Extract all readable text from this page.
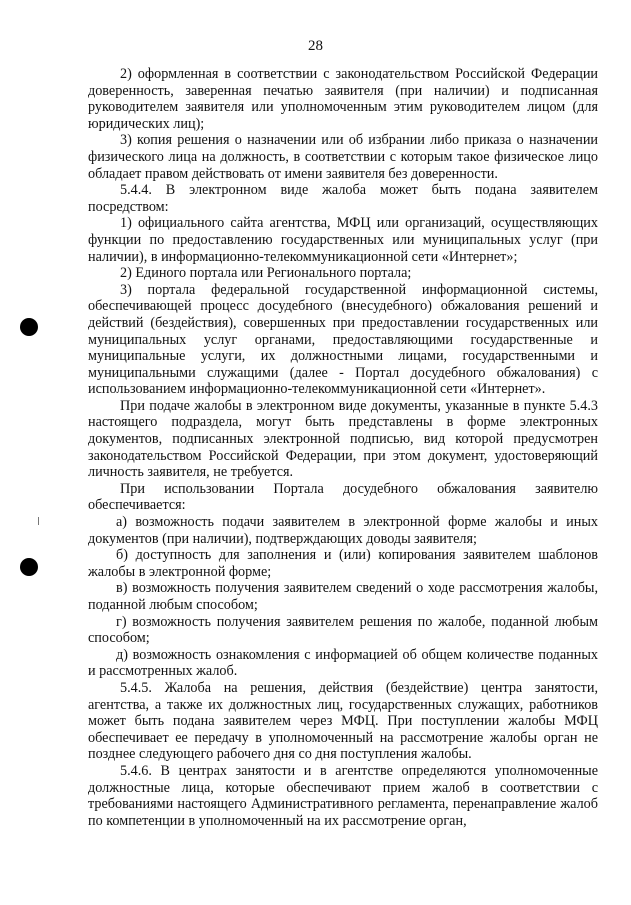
28

2) оформленная в соответствии с законодательством Российской Федерации доверенность, заверенная печатью заявителя (при наличии) и подписанная руководителем заявителя или уполномоченным этим руководителем лицом (для юридических лиц);

3) копия решения о назначении или об избрании либо приказа о назначении физического лица на должность, в соответствии с которым такое физическое лицо обладает правом действовать от имени заявителя без доверенности.

5.4.4. В электронном виде жалоба может быть подана заявителем посредством:

1) официального сайта агентства, МФЦ или организаций, осуществляющих функции по предоставлению государственных или муниципальных услуг (при наличии), в информационно-телекоммуникационной сети «Интернет»;

2) Единого портала или Регионального портала;

3) портала федеральной государственной информационной системы, обеспечивающей процесс досудебного (внесудебного) обжалования решений и действий (бездействия), совершенных при предоставлении государственных или муниципальных услуг органами, предоставляющими государственные и муниципальные услуги, их должностными лицами, государственными и муниципальными служащими (далее - Портал досудебного обжалования) с использованием информационно-телекоммуникационной сети «Интернет».

При подаче жалобы в электронном виде документы, указанные в пункте 5.4.3 настоящего подраздела, могут быть представлены в форме электронных документов, подписанных электронной подписью, вид которой предусмотрен законодательством Российской Федерации, при этом документ, удостоверяющий личность заявителя, не требуется.

При использовании Портала досудебного обжалования заявителю обеспечивается:

а) возможность подачи заявителем в электронной форме жалобы и иных документов (при наличии), подтверждающих доводы заявителя;

б) доступность для заполнения и (или) копирования заявителем шаблонов жалобы в электронной форме;

в) возможность получения заявителем сведений о ходе рассмотрения жалобы, поданной любым способом;

г) возможность получения заявителем решения по жалобе, поданной любым способом;

д) возможность ознакомления с информацией об общем количестве поданных и рассмотренных жалоб.

5.4.5. Жалоба на решения, действия (бездействие) центра занятости, агентства, а также их должностных лиц, государственных служащих, работников может быть подана заявителем через МФЦ. При поступлении жалобы МФЦ обеспечивает ее передачу в уполномоченный на рассмотрение жалобы орган не позднее следующего рабочего дня со дня поступления жалобы.

5.4.6. В центрах занятости и в агентстве определяются уполномоченные должностные лица, которые обеспечивают прием жалоб в соответствии с требованиями настоящего Административного регламента, перенаправление жалоб по компетенции в уполномоченный на их рассмотрение орган,
